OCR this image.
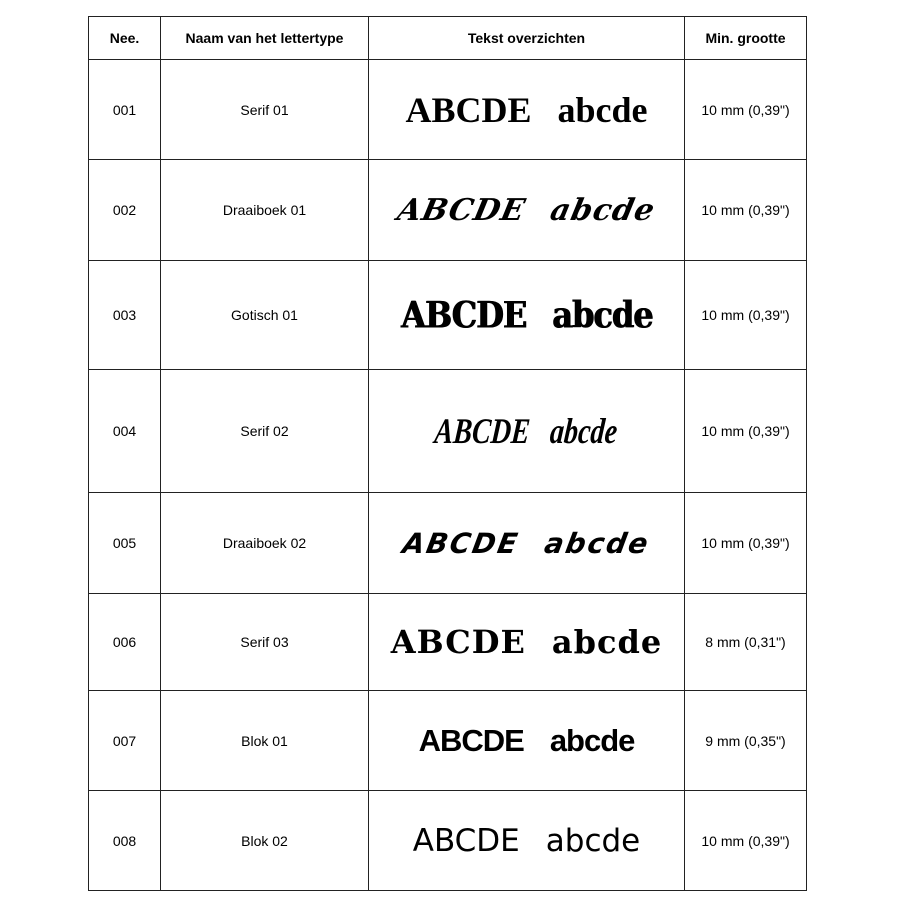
Nee.	Naam van het lettertype	Tekst overzichten	Min. grootte
001	Serif 01	ABCDE abcde	10 mm (0,39")
002	Draaiboek 01	ABCDE abcde	10 mm (0,39")
003	Gotisch 01	ABCDE abcde	10 mm (0,39")
004	Serif 02	ABCDE abcde	10 mm (0,39")
005	Draaiboek 02	ABCDE abcde	10 mm (0,39")
006	Serif 03	ABCDE abcde	8 mm (0,31")
007	Blok 01	ABCDE abcde	9 mm (0,35")
008	Blok 02	ABCDE abcde	10 mm (0,39")
